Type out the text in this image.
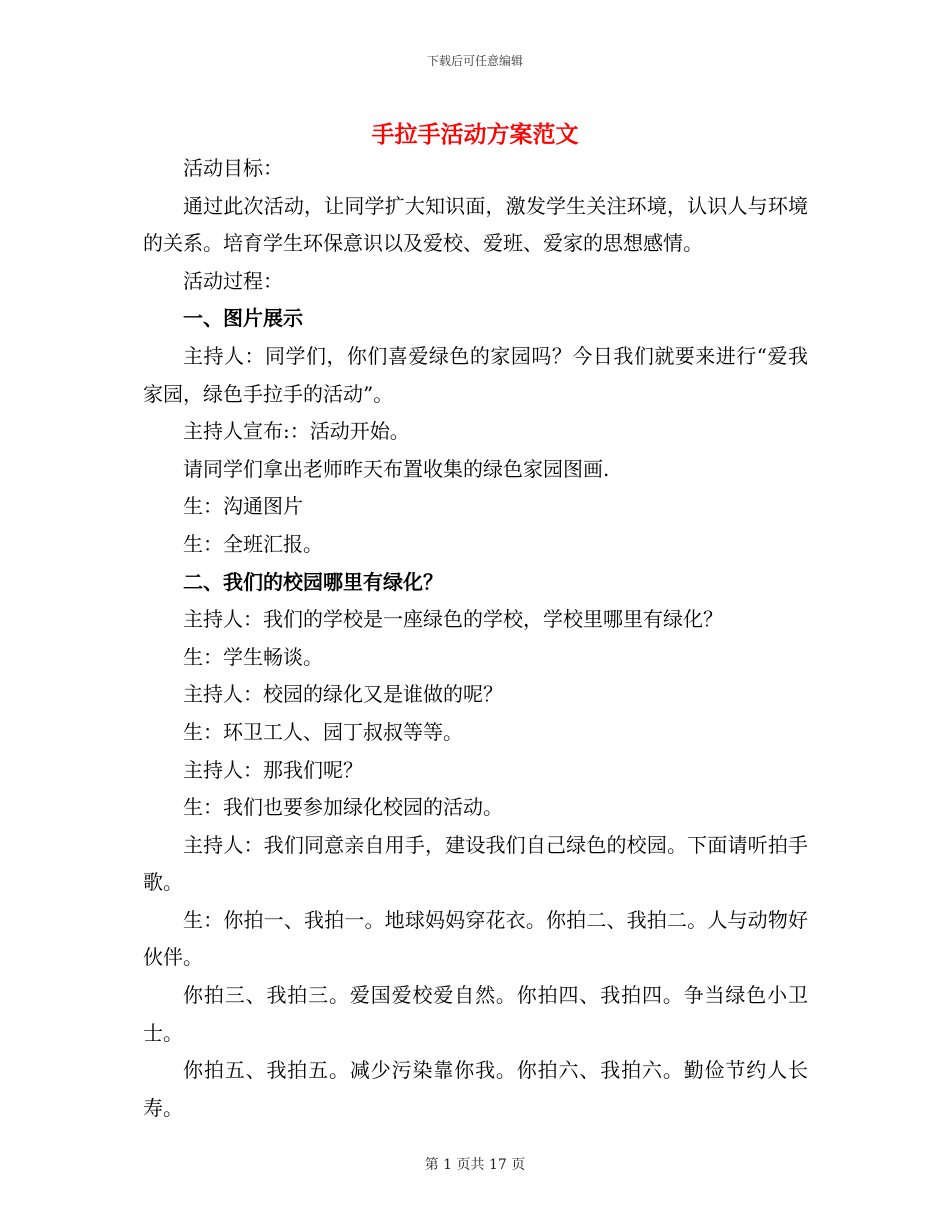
下载后可任意编辑
手拉手活动方案范文

活动目标：

通过此次活动，让同学扩大知识面，激发学生关注环境，认识人与环境的关系。培育学生环保意识以及爱校、爱班、爱家的思想感情。

活动过程：

一、图片展示

主持人：同学们，你们喜爱绿色的家园吗？今日我们就要来进行“爱我家园，绿色手拉手的活动”。

主持人宣布:：活动开始。

请同学们拿出老师昨天布置收集的绿色家园图画.

生：沟通图片

生：全班汇报。

二、我们的校园哪里有绿化？

主持人：我们的学校是一座绿色的学校，学校里哪里有绿化？

生：学生畅谈。

主持人：校园的绿化又是谁做的呢？

生：环卫工人、园丁叔叔等等。

主持人：那我们呢？

生：我们也要参加绿化校园的活动。

主持人：我们同意亲自用手，建设我们自己绿色的校园。下面请听拍手歌。

生：你拍一、我拍一。地球妈妈穿花衣。你拍二、我拍二。人与动物好伙伴。

你拍三、我拍三。爱国爱校爱自然。你拍四、我拍四。争当绿色小卫士。

你拍五、我拍五。减少污染靠你我。你拍六、我拍六。勤俭节约人长寿。

第 1 页共 17 页
